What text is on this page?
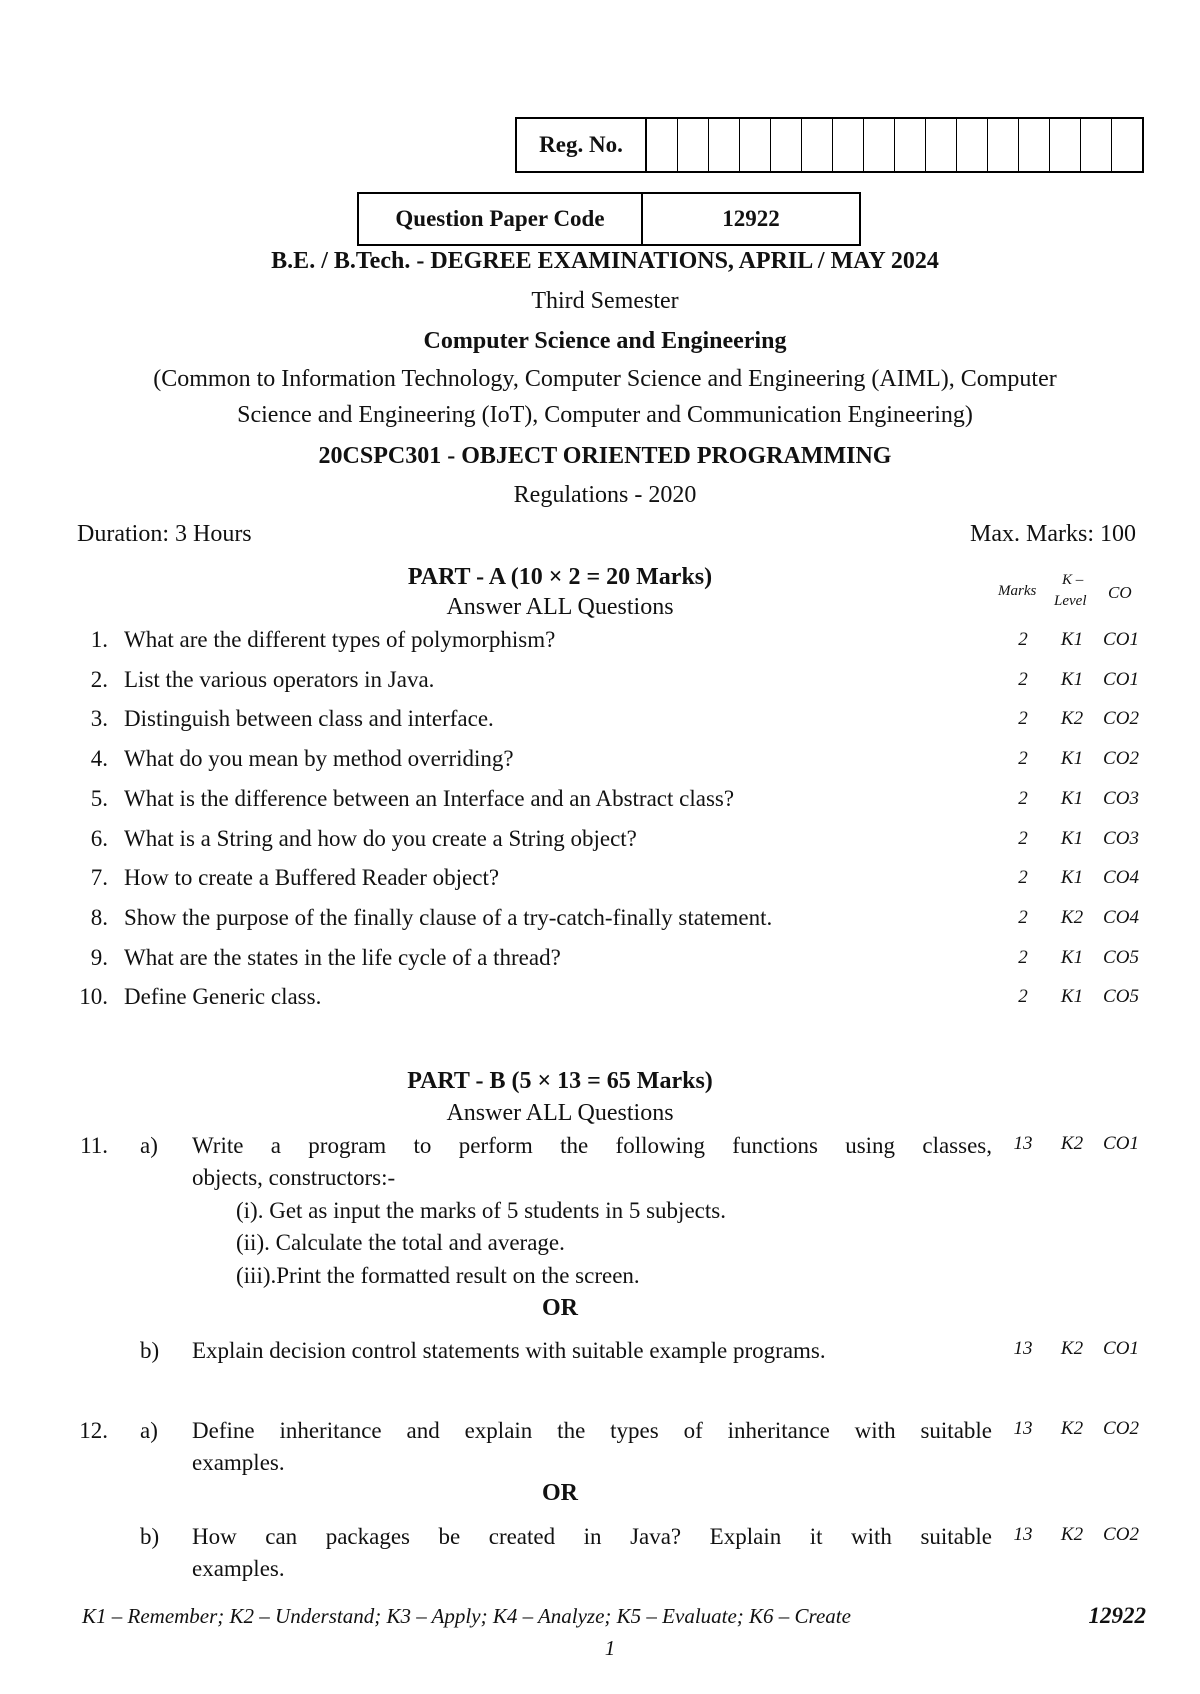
Reg. No.
Question Paper Code	12922
B.E. / B.Tech. - DEGREE EXAMINATIONS, APRIL / MAY 2024
Third Semester
Computer Science and Engineering
(Common to Information Technology, Computer Science and Engineering (AIML), Computer
Science and Engineering (IoT), Computer and Communication Engineering)
20CSPC301 - OBJECT ORIENTED PROGRAMMING
Regulations - 2020
Duration: 3 Hours	Max. Marks: 100
PART - A (10 × 2 = 20 Marks)
Answer ALL Questions
Marks
K –
Level CO
1. What are the different types of polymorphism?	2	K1	CO1
2. List the various operators in Java.	2	K1	CO1
3. Distinguish between class and interface.	2	K2	CO2
4. What do you mean by method overriding?	2	K1	CO2
5. What is the difference between an Interface and an Abstract class?	2	K1	CO3
6. What is a String and how do you create a String object?	2	K1	CO3
7. How to create a Buffered Reader object?	2	K1	CO4
8. Show the purpose of the finally clause of a try-catch-finally statement.	2	K2	CO4
9. What are the states in the life cycle of a thread?	2	K1	CO5
10. Define Generic class.	2	K1	CO5
PART - B (5 × 13 = 65 Marks)
Answer ALL Questions
11. a) Write a program to perform the following functions using classes,
objects, constructors:-
(i). Get as input the marks of 5 students in 5 subjects.
(ii). Calculate the total and average.
(iii).Print the formatted result on the screen.
13	K2	CO1
OR
b) Explain decision control statements with suitable example programs.	13	K2	CO1
12. a) Define inheritance and explain the types of inheritance with suitable
examples.
13	K2	CO2
OR
b) How can packages be created in Java? Explain it with suitable
examples.
13	K2	CO2
K1 – Remember; K2 – Understand; K3 – Apply; K4 – Analyze; K5 – Evaluate; K6 – Create	12922
1
